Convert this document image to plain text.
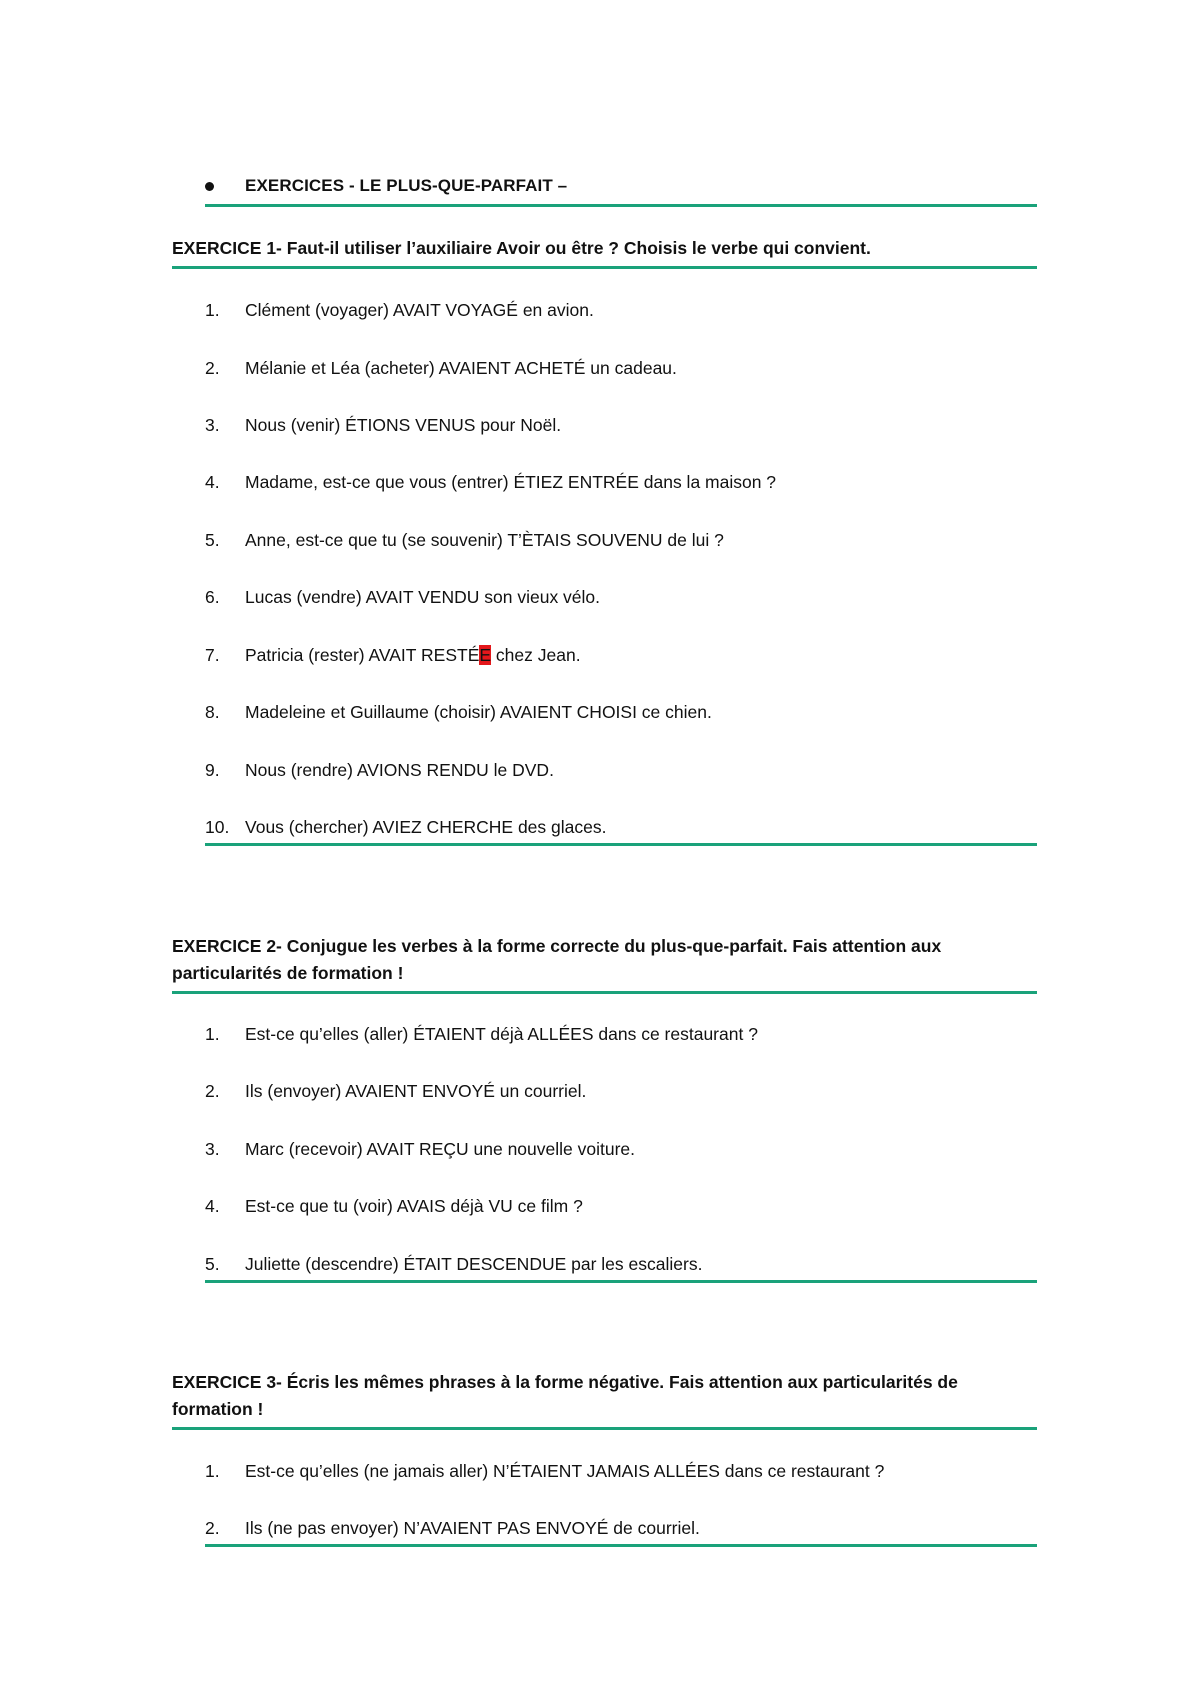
EXERCICES - LE PLUS-QUE-PARFAIT –
EXERCICE 1- Faut-il utiliser l’auxiliaire Avoir ou être ? Choisis le verbe qui convient.
1.	Clément (voyager) AVAIT VOYAGÉ en avion.
2.	Mélanie et Léa (acheter) AVAIENT ACHETÉ un cadeau.
3.	Nous (venir) ÉTIONS VENUS pour Noël.
4.	Madame, est-ce que vous (entrer) ÉTIEZ ENTRÉE dans la maison ?
5.	Anne, est-ce que tu (se souvenir) T’ÈTAIS SOUVENU de lui ?
6.	Lucas (vendre) AVAIT VENDU son vieux vélo.
7.	Patricia (rester) AVAIT RESTÉE chez Jean.
8.	Madeleine et Guillaume (choisir) AVAIENT CHOISI ce chien.
9.	Nous (rendre) AVIONS RENDU le DVD.
10. Vous (chercher) AVIEZ CHERCHE des glaces.
EXERCICE 2- Conjugue les verbes à la forme correcte du plus-que-parfait. Fais attention aux particularités de formation !
1.	Est-ce qu’elles (aller) ÉTAIENT déjà ALLÉES dans ce restaurant ?
2.	Ils (envoyer) AVAIENT ENVOYÉ un courriel.
3.	Marc (recevoir) AVAIT REÇU une nouvelle voiture.
4.	Est-ce que tu (voir) AVAIS déjà VU ce film ?
5.	Juliette (descendre) ÉTAIT DESCENDUE par les escaliers.
EXERCICE 3- Écris les mêmes phrases à la forme négative. Fais attention aux particularités de formation !
1.	Est-ce qu’elles (ne jamais aller) N’ÉTAIENT JAMAIS ALLÉES dans ce restaurant ?
2.	Ils (ne pas envoyer) N’AVAIENT PAS ENVOYÉ de courriel.
